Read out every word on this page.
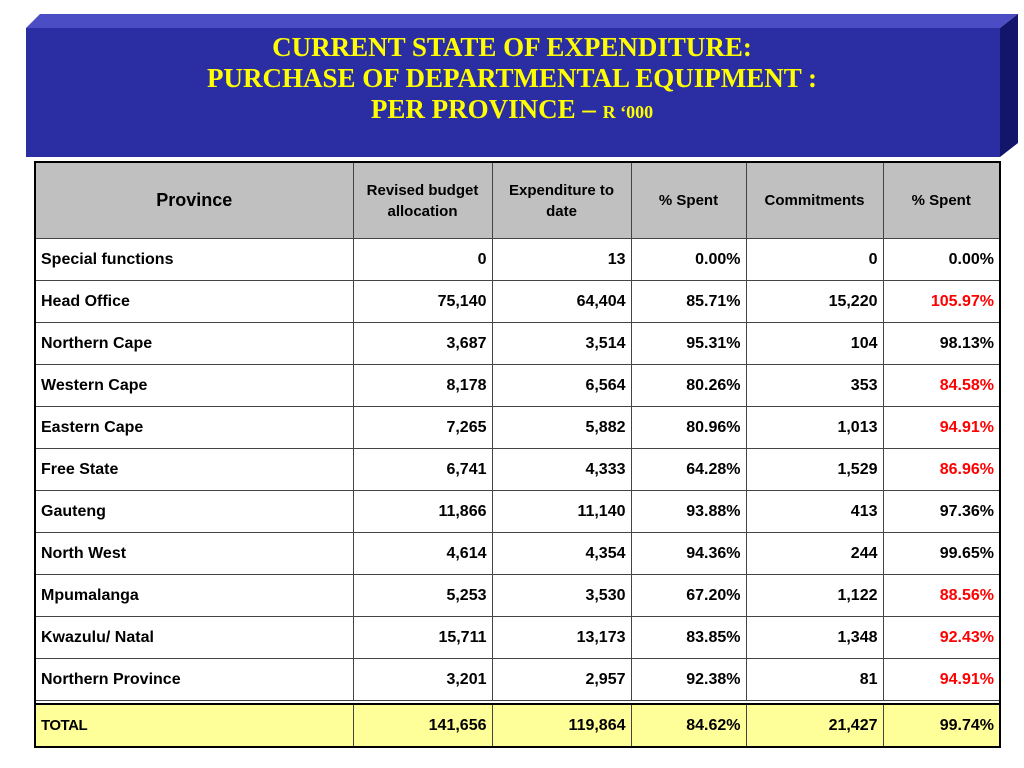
CURRENT STATE OF EXPENDITURE:
PURCHASE OF DEPARTMENTAL EQUIPMENT :
PER PROVINCE – R ‘000
Province	Revised budget allocation	Expenditure to date	% Spent	Commitments	% Spent
Special functions	0	13	0.00%	0	0.00%
Head Office	75,140	64,404	85.71%	15,220	105.97%
Northern Cape	3,687	3,514	95.31%	104	98.13%
Western Cape	8,178	6,564	80.26%	353	84.58%
Eastern Cape	7,265	5,882	80.96%	1,013	94.91%
Free State	6,741	4,333	64.28%	1,529	86.96%
Gauteng	11,866	11,140	93.88%	413	97.36%
North West	4,614	4,354	94.36%	244	99.65%
Mpumalanga	5,253	3,530	67.20%	1,122	88.56%
Kwazulu/ Natal	15,711	13,173	83.85%	1,348	92.43%
Northern Province	3,201	2,957	92.38%	81	94.91%

TOTAL	141,656	119,864	84.62%	21,427	99.74%
